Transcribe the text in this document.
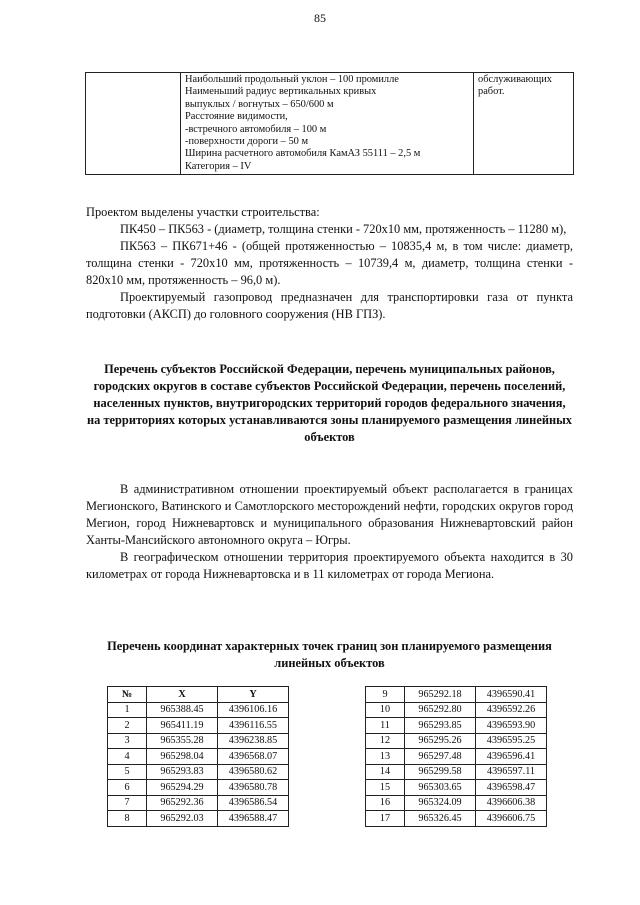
85

Наибольший продольный уклон – 100 промилле
Наименьший радиус вертикальных кривых
выпуклых / вогнутых – 650/600 м
Расстояние видимости,
-встречного автомобиля – 100 м
-поверхности дороги – 50 м
Ширина расчетного автомобиля КамАЗ 55111 – 2,5 м
Категория – IV

обслуживающих
работ.

Проектом выделены участки строительства:

ПК450 – ПК563 - (диаметр, толщина стенки - 720х10 мм, протяженность – 11280 м),

ПК563 – ПК671+46 - (общей протяженностью – 10835,4 м, в том числе: диаметр, толщина стенки - 720х10 мм, протяженность – 10739,4 м, диаметр, толщина стенки - 820х10 мм, протяженность – 96,0 м).

Проектируемый газопровод предназначен для транспортировки газа от пункта подготовки (АКСП) до головного сооружения (НВ ГПЗ).

Перечень субъектов Российской Федерации, перечень муниципальных районов, городских округов в составе субъектов Российской Федерации, перечень поселений, населенных пунктов, внутригородских территорий городов федерального значения, на территориях которых устанавливаются зоны планируемого размещения линейных объектов

В административном отношении проектируемый объект располагается в границах Мегионского, Ватинского и Самотлорского месторождений нефти, городских округов город Мегион, город Нижневартовск и муниципального образования Нижневартовский район Ханты-Мансийского автономного округа – Югры.

В географическом отношении территория проектируемого объекта находится в 30 километрах от города Нижневартовска и в 11 километрах от города Мегиона.

Перечень координат характерных точек границ зон планируемого размещения линейных объектов
№	X	Y
1	965388.45	4396106.16
2	965411.19	4396116.55
3	965355.28	4396238.85
4	965298.04	4396568.07
5	965293.83	4396580.62
6	965294.29	4396580.78
7	965292.36	4396586.54
8	965292.03	4396588.47
9	965292.18	4396590.41
10	965292.80	4396592.26
11	965293.85	4396593.90
12	965295.26	4396595.25
13	965297.48	4396596.41
14	965299.58	4396597.11
15	965303.65	4396598.47
16	965324.09	4396606.38
17	965326.45	4396606.75
